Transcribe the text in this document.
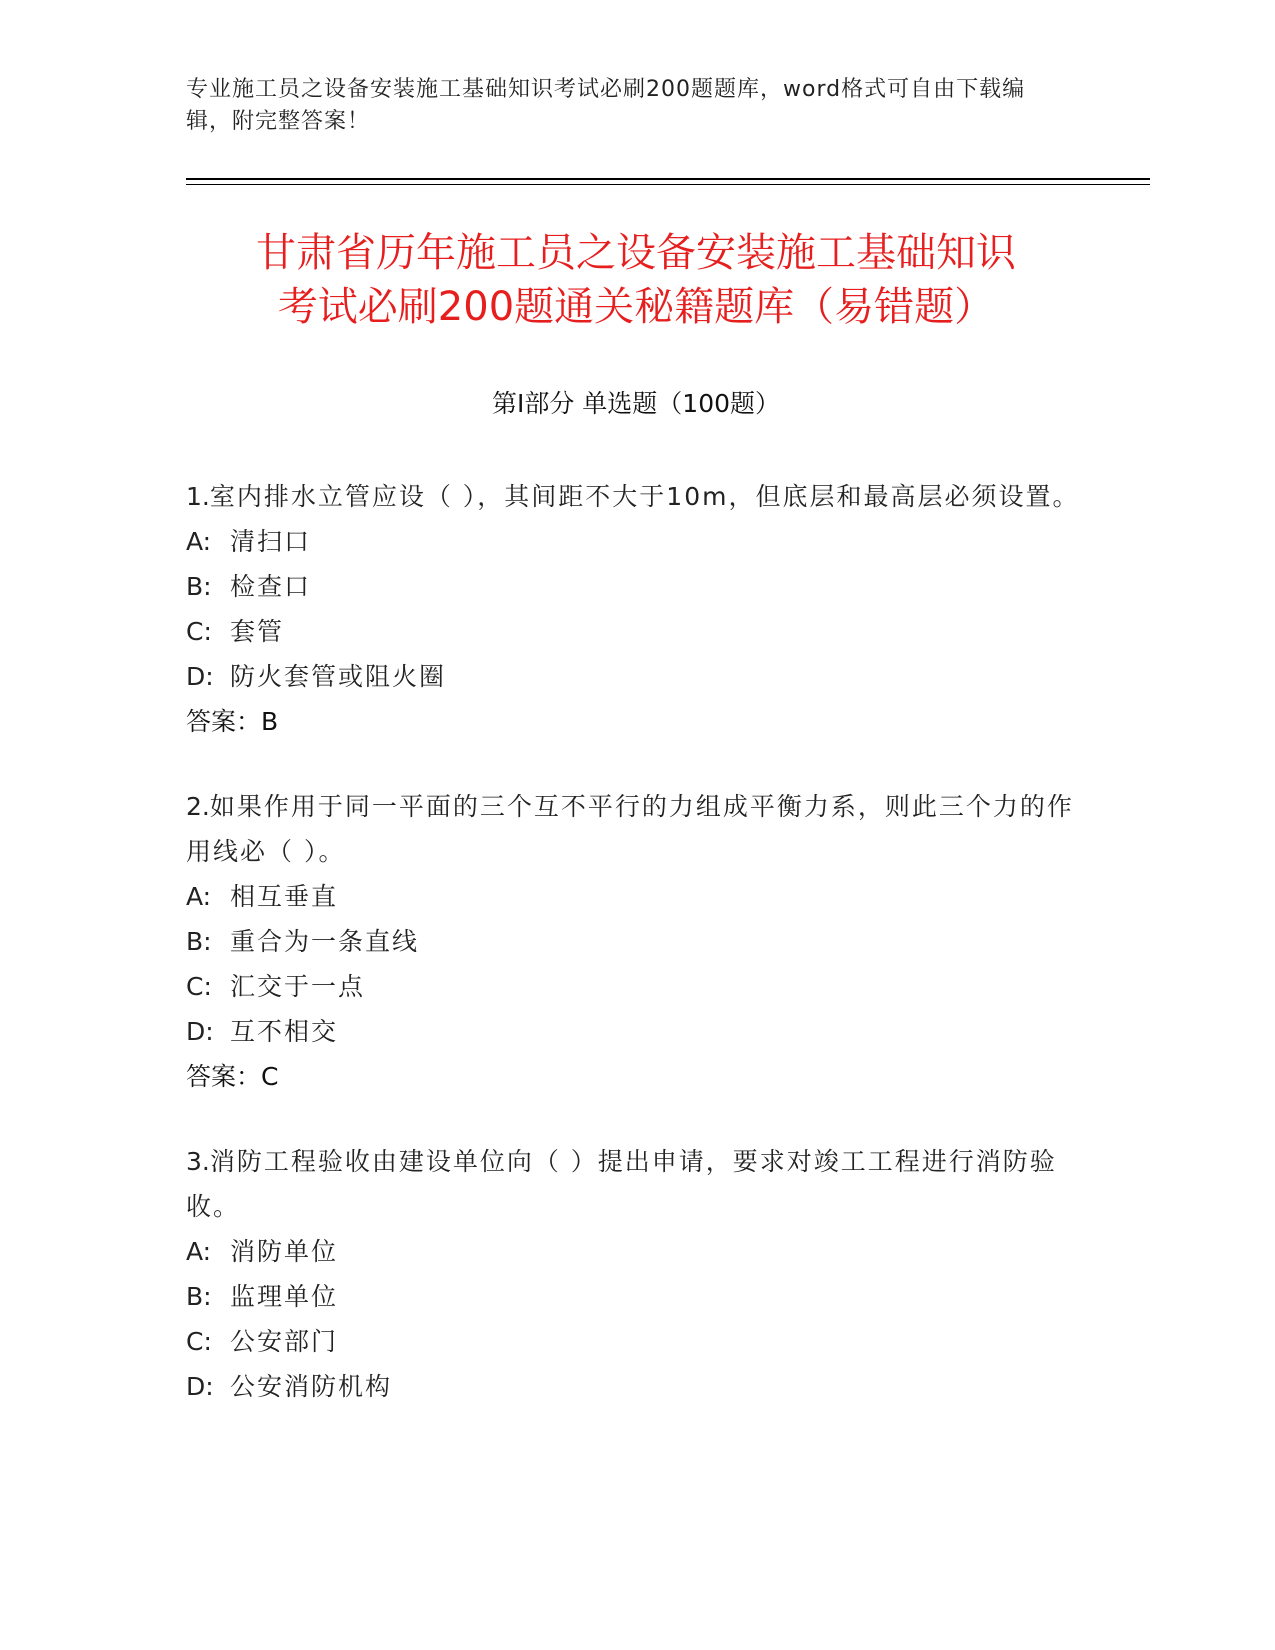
专业施工员之设备安装施工基础知识考试必刷200题题库，word格式可自由下载编辑，附完整答案！
甘肃省历年施工员之设备安装施工基础知识
考试必刷200题通关秘籍题库（易错题）
第Ⅰ部分 单选题（100题）
1.室内排水立管应设（ ），其间距不大于10m，但底层和最高层必须设置。
A: 清扫口
B: 检查口
C: 套管
D: 防火套管或阻火圈
答案：B
2.如果作用于同一平面的三个互不平行的力组成平衡力系，则此三个力的作用线必（ ）。
A: 相互垂直
B: 重合为一条直线
C: 汇交于一点
D: 互不相交
答案：C
3.消防工程验收由建设单位向（ ）提出申请，要求对竣工工程进行消防验收。
A: 消防单位
B: 监理单位
C: 公安部门
D: 公安消防机构
